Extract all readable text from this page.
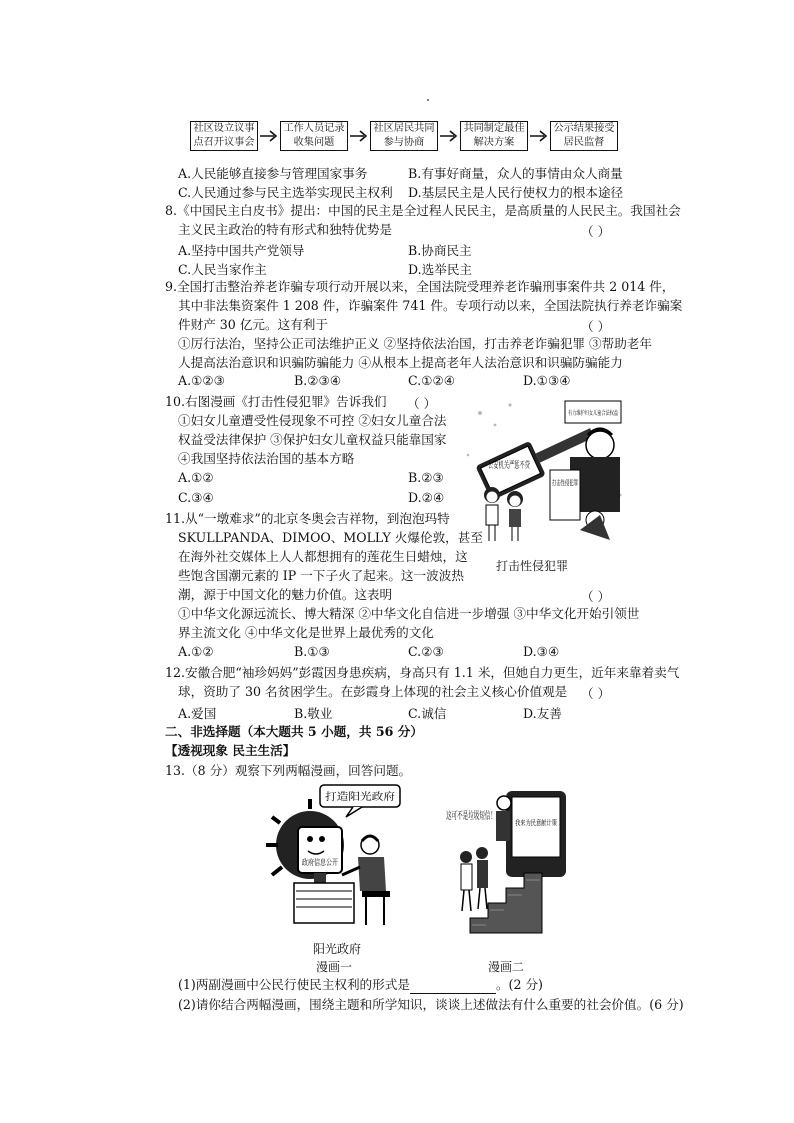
社区设立议事点召开议事会
工作人员记录收集问题
社区居民共同参与协商
共同制定最佳解决方案
公示结果接受居民监督
A.人民能够直接参与管理国家事务	B.有事好商量，众人的事情由众人商量
C.人民通过参与民主选举实现民主权利 D.基层民主是人民行使权力的根本途径
8.《中国民主白皮书》提出：中国的民主是全过程人民民主，是高质量的人民民主。我国社会
主义民主政治的特有形式和独特优势是	（ ）
A.坚持中国共产党领导	B.协商民主
C.人民当家作主	D.选举民主
9.全国打击整治养老诈骗专项行动开展以来，全国法院受理养老诈骗刑事案件共 2 014 件，
其中非法集资案件 1 208 件，诈骗案件 741 件。专项行动以来，全国法院执行养老诈骗案
件财产 30 亿元。这有利于	（ ）
①厉行法治，坚持公正司法维护正义 ②坚持依法治国，打击养老诈骗犯罪 ③帮助老年
人提高法治意识和识骗防骗能力 ④从根本上提高老年人法治意识和识骗防骗能力
A.①②③	B.②③④	C.①②④	D.①③④
10.右图漫画《打击性侵犯罪》告诉我们 （ ）
①妇女儿童遭受性侵现象不可控 ②妇女儿童合法
权益受法律保护 ③保护妇女儿童权益只能靠国家
④我国坚持依法治国的基本方略
A.①②	B.②③
C.③④	D.②④
公安机关严惩不贷
有力维护妇女儿童合法权益
打击性侵犯罪
打击性侵犯罪
11.从“一墩难求”的北京冬奥会吉祥物，到泡泡玛特
SKULLPANDA、DIMOO、MOLLY 火爆伦敦，甚至
在海外社交媒体上人人都想拥有的莲花生日蜡烛，这
些饱含国潮元素的 IP 一下子火了起来。这一波波热
潮，源于中国文化的魅力价值。这表明	（ ）
①中华文化源远流长、博大精深 ②中华文化自信进一步增强 ③中华文化开始引领世
界主流文化 ④中华文化是世界上最优秀的文化
A.①②	B.①③	C.②③	D.③④
12.安徽合肥“袖珍妈妈”彭霞因身患疾病，身高只有 1.1 米，但她自力更生，近年来靠着卖气
球，资助了 30 名贫困学生。在彭霞身上体现的社会主义核心价值观是 （ ）
A.爱国	B.敬业	C.诚信	D.友善
二、非选择题（本大题共 5 小题，共 56 分）
【透视现象 民主生活】
13.（8 分）观察下列两幅漫画，回答问题。
打造阳光政府
政府信息公开
阳光政府
漫画一
这可不是垃圾短信！
我来为民意献计策
漫画二
(1)两副漫画中公民行使民主权利的形式是	。(2 分)
(2)请你结合两幅漫画，围绕主题和所学知识，谈谈上述做法有什么重要的社会价值。(6 分)
